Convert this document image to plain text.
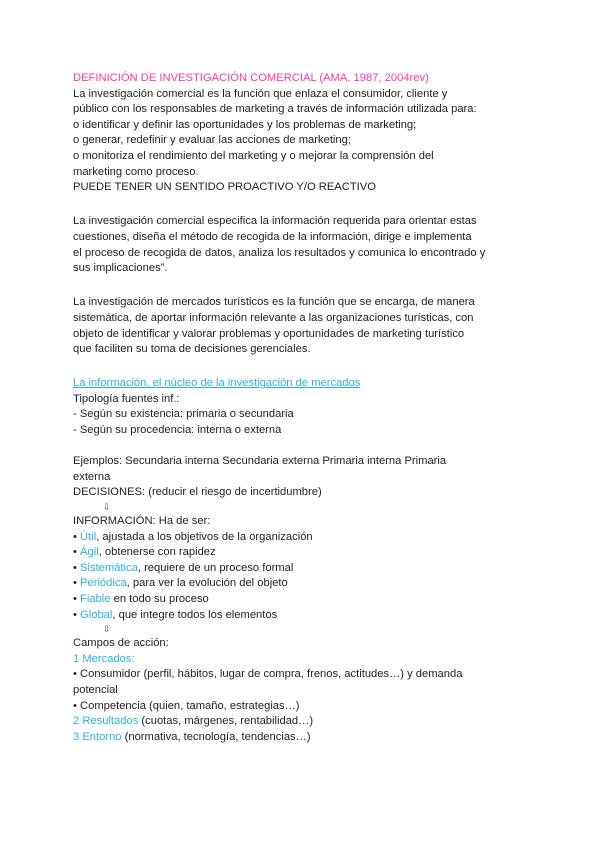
DEFINICIÓN DE INVESTIGACIÓN COMERCIAL (AMA, 1987, 2004rev)
La investigación comercial es la función que enlaza el consumidor, cliente y
público con los responsables de marketing a través de información utilizada para:
o identificar y definir las oportunidades y los problemas de marketing;
o generar, redefinir y evaluar las acciones de marketing;
o monitoriza el rendimiento del marketing y o mejorar la comprensión del
marketing como proceso.
PUEDE TENER UN SENTIDO PROACTIVO Y/O REACTIVO
La investigación comercial especifica la información requerida para orientar estas
cuestiones, diseña el método de recogida de la información, dirige e implementa
el proceso de recogida de datos, analiza los resultados y comunica lo encontrado y
sus implicaciones”.
La investigación de mercados turísticos es la función que se encarga, de manera
sistemática, de aportar información relevante a las organizaciones turísticas, con
objeto de identificar y valorar problemas y oportunidades de marketing turístico
que faciliten su toma de decisiones gerenciales.
La información, el núcleo de la investigación de mercados
Tipología fuentes inf.:
- Según su existencia: primaria o secundaria
- Según su procedencia: interna o externa
Ejemplos: Secundaria interna Secundaria externa Primaria interna Primaria
externa
DECISIONES: (reducir el riesgo de incertidumbre)
⇩
INFORMACIÓN: Ha de ser:
• Útil, ajustada a los objetivos de la organización
• Ágil, obtenerse con rapidez
• Sistemática, requiere de un proceso formal
• Periódica, para ver la evolución del objeto
• Fiable en todo su proceso
• Global, que integre todos los elementos
⇩
Campos de acción:
1 Mercados:
• Consumidor (perfil, hábitos, lugar de compra, frenos, actitudes…) y demanda
potencial
• Competencia (quien, tamaño, estrategias…)
2 Resultados (cuotas, márgenes, rentabilidad…)
3 Entorno (normativa, tecnología, tendencias…)
